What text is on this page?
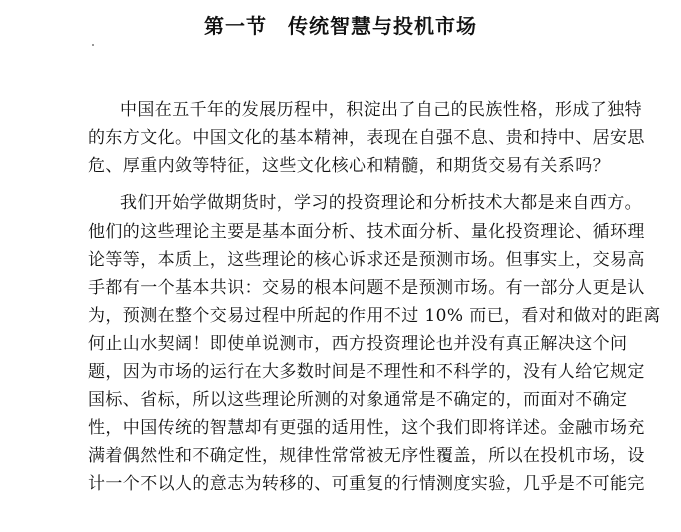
第一节　传统智慧与投机市场
中国在五千年的发展历程中，积淀出了自己的民族性格，形成了独特
的东方文化。中国文化的基本精神，表现在自强不息、贵和持中、居安思
危、厚重内敛等特征，这些文化核心和精髓，和期货交易有关系吗？
我们开始学做期货时，学习的投资理论和分析技术大都是来自西方。
他们的这些理论主要是基本面分析、技术面分析、量化投资理论、循环理
论等等，本质上，这些理论的核心诉求还是预测市场。但事实上，交易高
手都有一个基本共识：交易的根本问题不是预测市场。有一部分人更是认
为，预测在整个交易过程中所起的作用不过 10% 而已，看对和做对的距离
何止山水契阔！即使单说测市，西方投资理论也并没有真正解决这个问
题，因为市场的运行在大多数时间是不理性和不科学的，没有人给它规定
国标、省标，所以这些理论所测的对象通常是不确定的，而面对不确定
性，中国传统的智慧却有更强的适用性，这个我们即将详述。金融市场充
满着偶然性和不确定性，规律性常常被无序性覆盖，所以在投机市场，设
计一个不以人的意志为转移的、可重复的行情测度实验，几乎是不可能完
